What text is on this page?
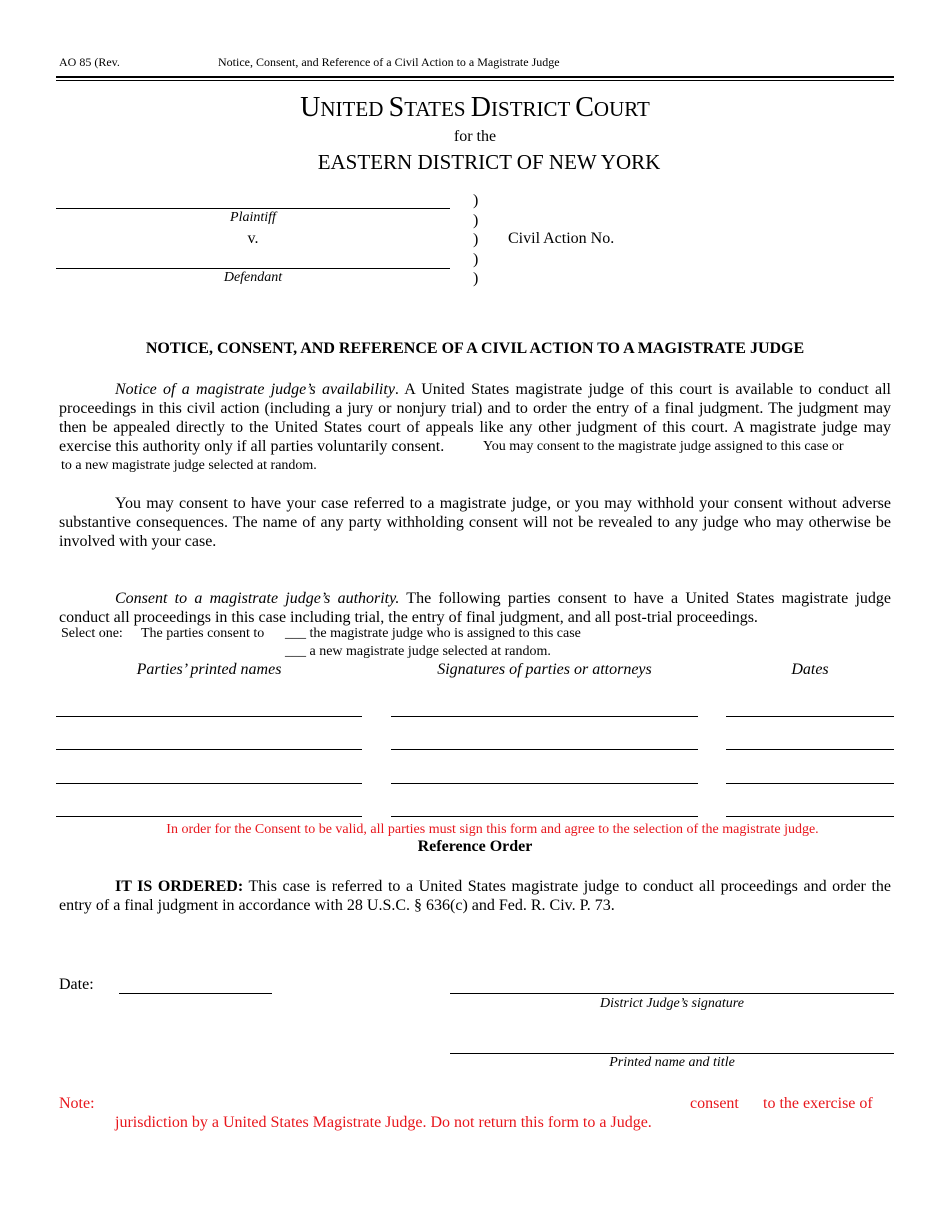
AO 85 (Rev.	Notice, Consent, and Reference of a Civil Action to a Magistrate Judge
UNITED STATES DISTRICT COURT
for the
EASTERN DISTRICT OF NEW YORK
Plaintiff
v.
Defendant
)
)
)
)
)
Civil Action No.
NOTICE, CONSENT, AND REFERENCE OF A CIVIL ACTION TO A MAGISTRATE JUDGE
Notice of a magistrate judge’s availability. A United States magistrate judge of this court is available to conduct all proceedings in this civil action (including a jury or nonjury trial) and to order the entry of a final judgment. The judgment may then be appealed directly to the United States court of appeals like any other judgment of this court. A magistrate judge may exercise this authority only if all parties voluntarily consent.	You may consent to the magistrate judge assigned to this case or
to a new magistrate judge selected at random.
You may consent to have your case referred to a magistrate judge, or you may withhold your consent without adverse substantive consequences. The name of any party withholding consent will not be revealed to any judge who may otherwise be involved with your case.
Consent to a magistrate judge’s authority. The following parties consent to have a United States magistrate judge conduct all proceedings in this case including trial, the entry of final judgment, and all post-trial proceedings.
Select one: The parties consent to ___ the magistrate judge who is assigned to this case
___ a new magistrate judge selected at random.
Parties’ printed names	Signatures of parties or attorneys	Dates
In order for the Consent to be valid, all parties must sign this form and agree to the selection of the magistrate judge.
Reference Order
IT IS ORDERED: This case is referred to a United States magistrate judge to conduct all proceedings and order the entry of a final judgment in accordance with 28 U.S.C. § 636(c) and Fed. R. Civ. P. 73.
Date:
District Judge’s signature
Printed name and title
Note:	consent to the exercise of
jurisdiction by a United States Magistrate Judge. Do not return this form to a Judge.
